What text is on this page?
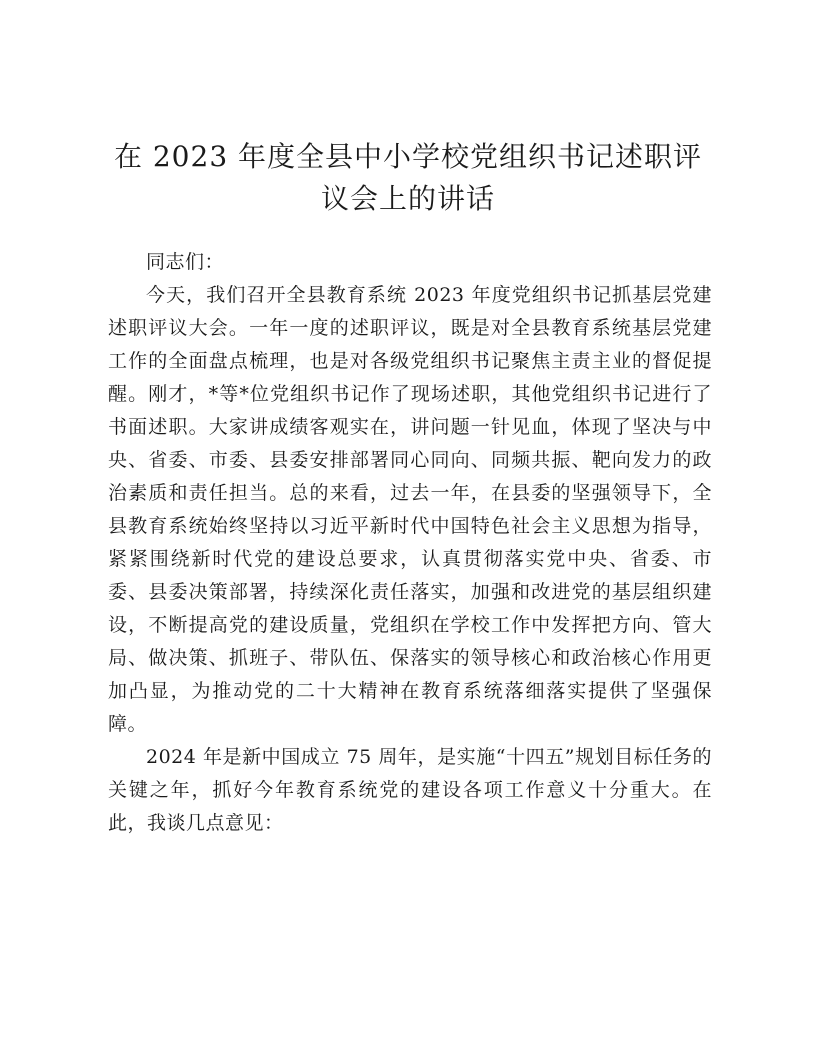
在 2023 年度全县中小学校党组织书记述职评
议会上的讲话

同志们：

今天，我们召开全县教育系统 2023 年度党组织书记抓基层党建述职评议大会。一年一度的述职评议，既是对全县教育系统基层党建工作的全面盘点梳理，也是对各级党组织书记聚焦主责主业的督促提醒。刚才，*等*位党组织书记作了现场述职，其他党组织书记进行了书面述职。大家讲成绩客观实在，讲问题一针见血，体现了坚决与中央、省委、市委、县委安排部署同心同向、同频共振、靶向发力的政治素质和责任担当。总的来看，过去一年，在县委的坚强领导下，全县教育系统始终坚持以习近平新时代中国特色社会主义思想为指导，紧紧围绕新时代党的建设总要求，认真贯彻落实党中央、省委、市委、县委决策部署，持续深化责任落实，加强和改进党的基层组织建设，不断提高党的建设质量，党组织在学校工作中发挥把方向、管大局、做决策、抓班子、带队伍、保落实的领导核心和政治核心作用更加凸显，为推动党的二十大精神在教育系统落细落实提供了坚强保障。

2024 年是新中国成立 75 周年，是实施“十四五”规划目标任务的关键之年，抓好今年教育系统党的建设各项工作意义十分重大。在此，我谈几点意见：
